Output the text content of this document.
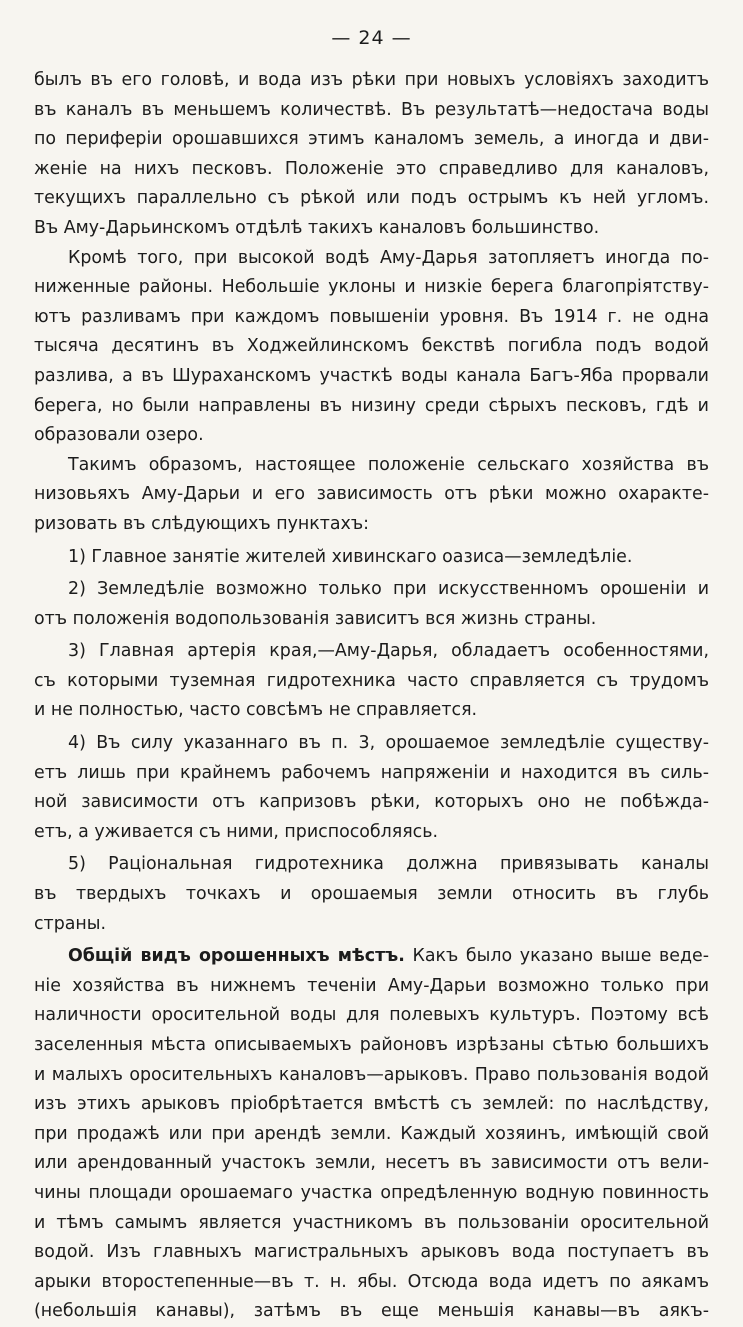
— 24 —
былъ въ его головѣ, и вода изъ рѣки при новыхъ условіяхъ заходитъ
въ каналъ въ меньшемъ количествѣ. Въ результатѣ—недостача воды
по периферіи орошавшихся этимъ каналомъ земель, а иногда и дви-
женіе на нихъ песковъ. Положеніе это справедливо для каналовъ,
текущихъ параллельно съ рѣкой или подъ острымъ къ ней угломъ.
Въ Аму-Дарьинскомъ отдѣлѣ такихъ каналовъ большинство.
Кромѣ того, при высокой водѣ Аму-Дарья затопляетъ иногда по-
ниженные районы. Небольшіе уклоны и низкіе берега благопріятству-
ютъ разливамъ при каждомъ повышеніи уровня. Въ 1914 г. не одна
тысяча десятинъ въ Ходжейлинскомъ бекствѣ погибла подъ водой
разлива, а въ Шураханскомъ участкѣ воды канала Багъ-Яба прорвали
берега, но были направлены въ низину среди сѣрыхъ песковъ, гдѣ и
образовали озеро.
Такимъ образомъ, настоящее положеніе сельскаго хозяйства въ
низовьяхъ Аму-Дарьи и его зависимость отъ рѣки можно охаракте-
ризовать въ слѣдующихъ пунктахъ:
1) Главное занятіе жителей хивинскаго оазиса—земледѣліе.
2) Земледѣліе возможно только при искусственномъ орошеніи и
отъ положенія водопользованія зависитъ вся жизнь страны.
3) Главная артерія края,—Аму-Дарья, обладаетъ особенностями,
съ которыми туземная гидротехника часто справляется съ трудомъ
и не полностью, часто совсѣмъ не справляется.
4) Въ силу указаннаго въ п. 3, орошаемое земледѣліе существу-
етъ лишь при крайнемъ рабочемъ напряженіи и находится въ силь-
ной зависимости отъ капризовъ рѣки, которыхъ оно не побѣждa-
етъ, а уживается съ ними, приспособляясь.
5) Раціональная гидротехника должна привязывать каналы
въ твердыхъ точкахъ и орошаемыя земли относить въ глубь
страны.
Общій видъ орошенныхъ мѣстъ. Какъ было указано выше веде-
ніе хозяйства въ нижнемъ теченіи Аму-Дарьи возможно только при
наличности оросительной воды для полевыхъ культуръ. Поэтому всѣ
заселенныя мѣста описываемыхъ районовъ изрѣзаны сѣтью большихъ
и малыхъ оросительныхъ каналовъ—арыковъ. Право пользованія водой
изъ этихъ арыковъ пріобрѣтается вмѣстѣ съ землей: по наслѣдству,
при продажѣ или при арендѣ земли. Каждый хозяинъ, имѣющій свой
или арендованный участокъ земли, несетъ въ зависимости отъ вели-
чины площади орошаемаго участка опредѣленную водную повинность
и тѣмъ самымъ является участникомъ въ пользованіи оросительной
водой. Изъ главныхъ магистральныхъ арыковъ вода поступаетъ въ
арыки второстепенные—въ т. н. ябы. Отсюда вода идетъ по аякамъ
(небольшія канавы), затѣмъ въ еще меньшія канавы—въ аякъ-
